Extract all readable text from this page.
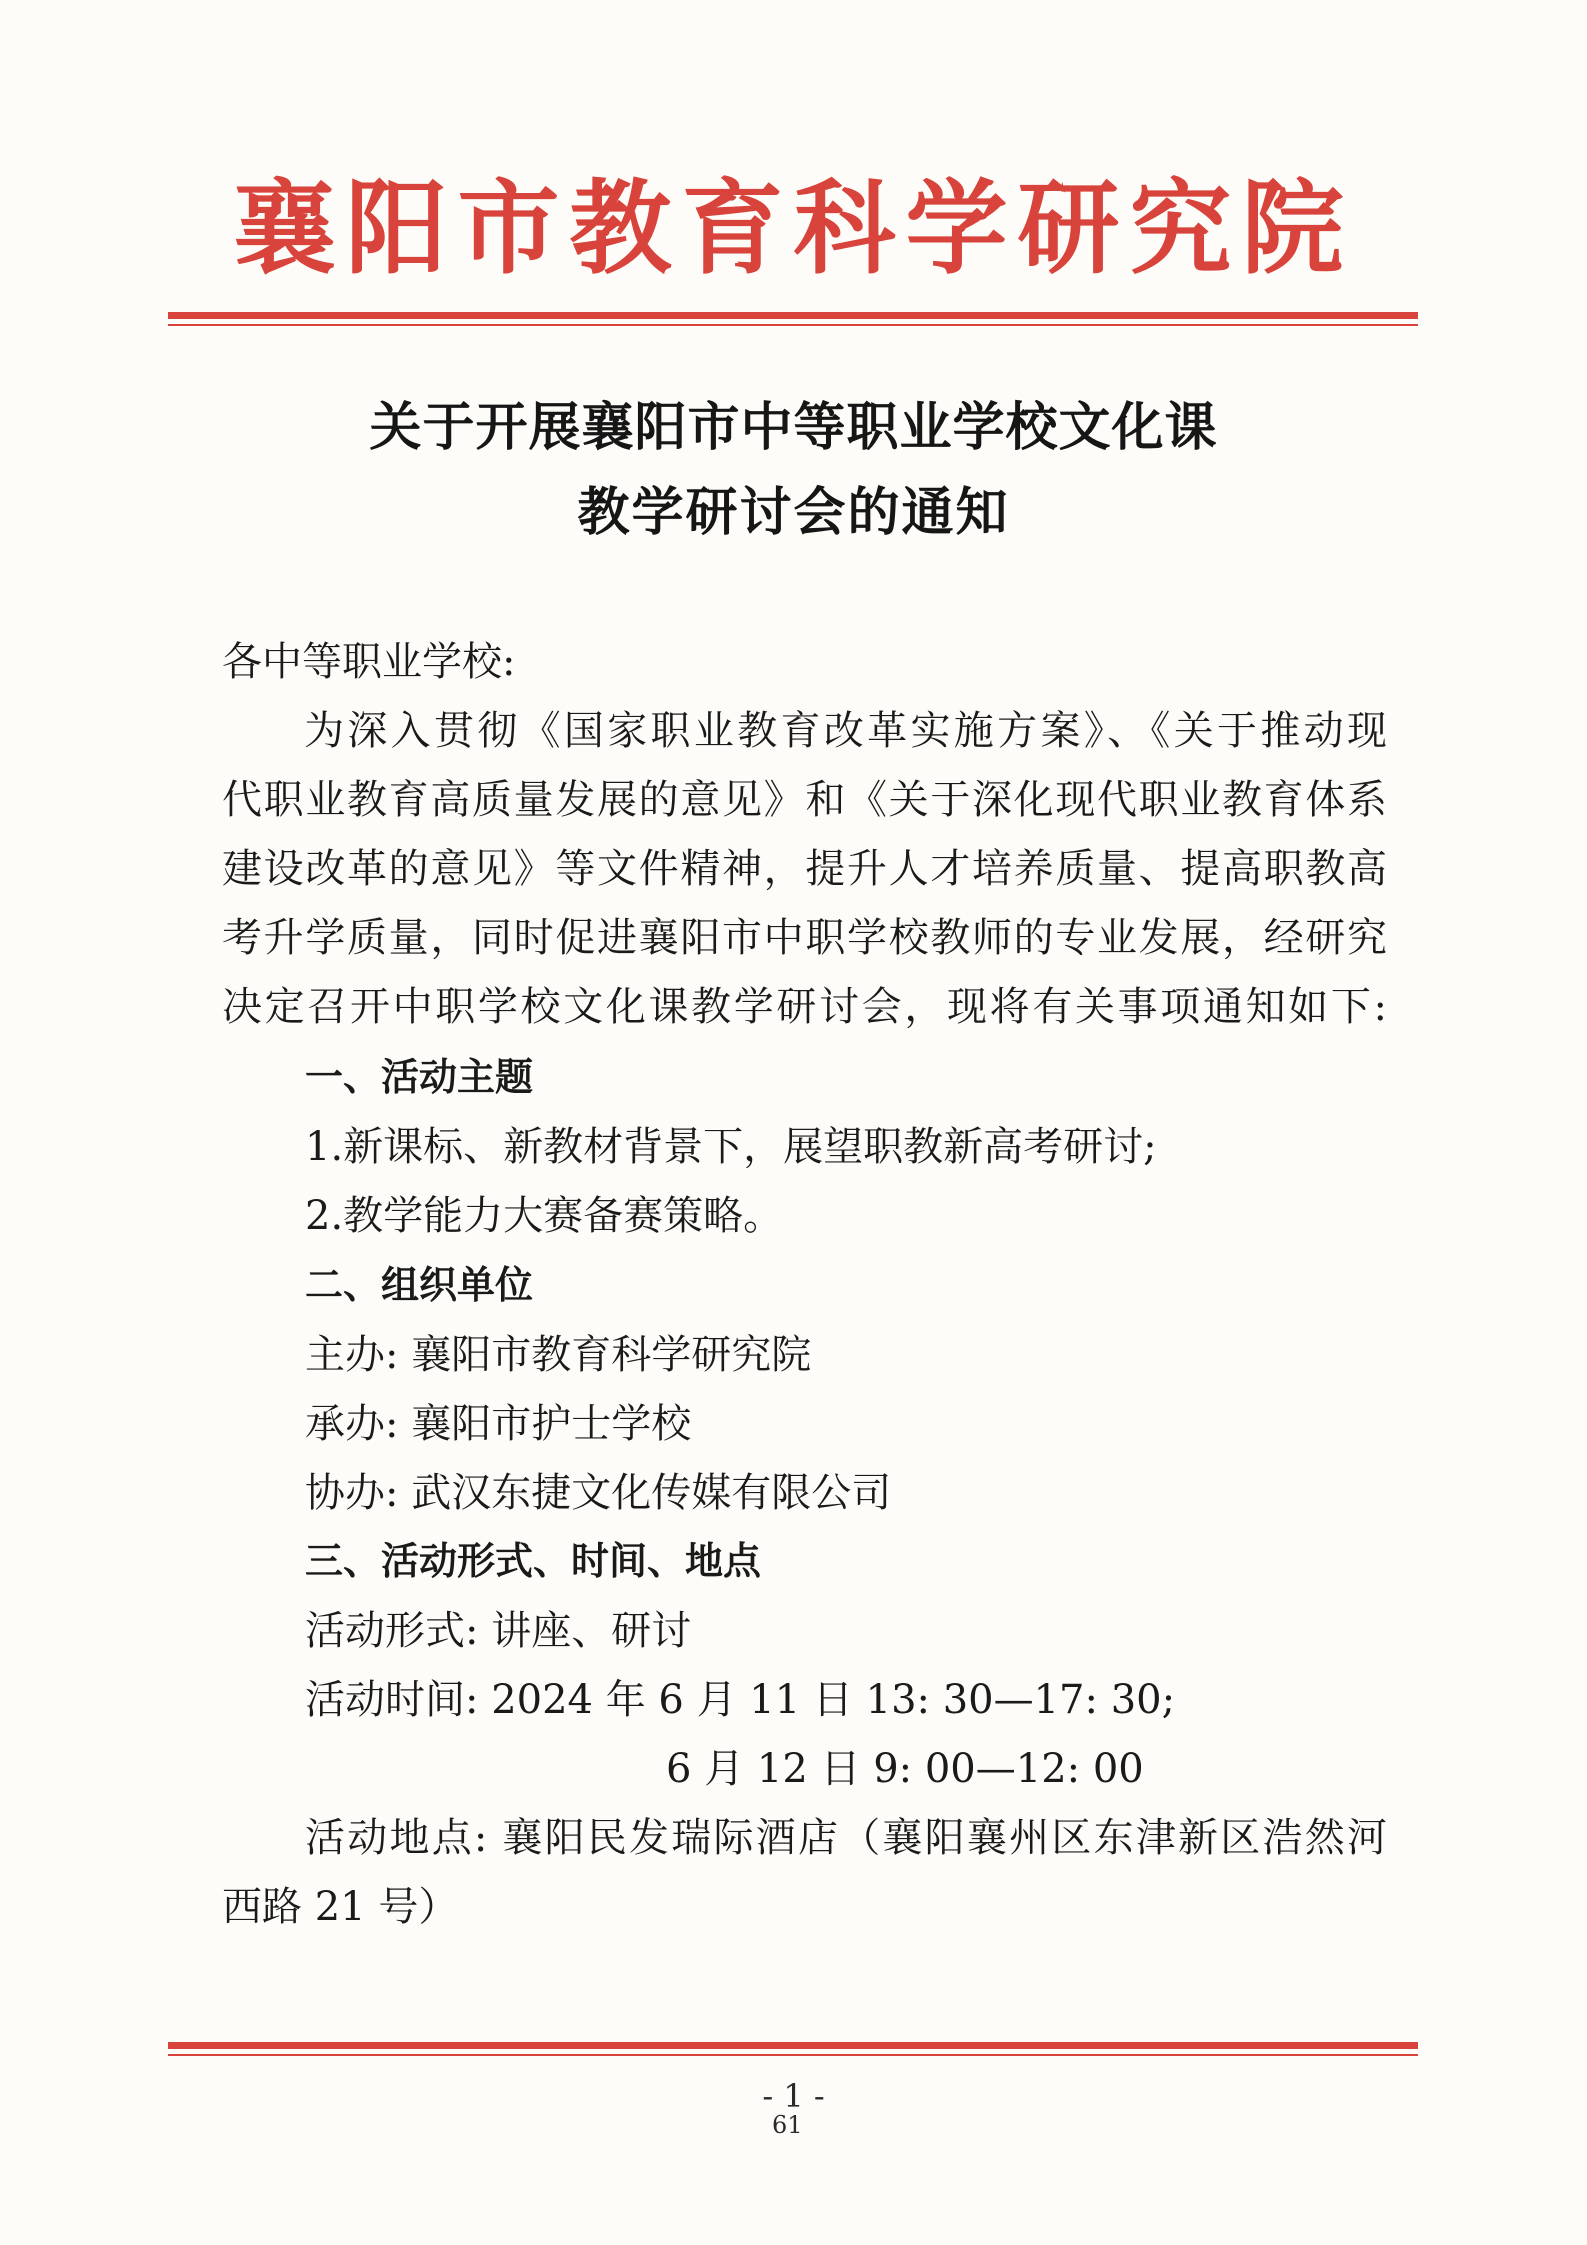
襄阳市教育科学研究院
关于开展襄阳市中等职业学校文化课
教学研讨会的通知
各中等职业学校:
为深入贯彻《国家职业教育改革实施方案》、《关于推动现
代职业教育高质量发展的意见》和《关于深化现代职业教育体系
建设改革的意见》等文件精神，提升人才培养质量、提高职教高
考升学质量，同时促进襄阳市中职学校教师的专业发展，经研究
决定召开中职学校文化课教学研讨会，现将有关事项通知如下:
一、活动主题
1.新课标、新教材背景下，展望职教新高考研讨;
2.教学能力大赛备赛策略。
二、组织单位
主办: 襄阳市教育科学研究院
承办: 襄阳市护士学校
协办: 武汉东捷文化传媒有限公司
三、活动形式、时间、地点
活动形式: 讲座、研讨
活动时间: 2024 年 6 月 11 日 13: 30—17: 30;
6 月 12 日 9: 00—12: 00
活动地点: 襄阳民发瑞际酒店（襄阳襄州区东津新区浩然河
西路 21 号）
- 1 -
61
